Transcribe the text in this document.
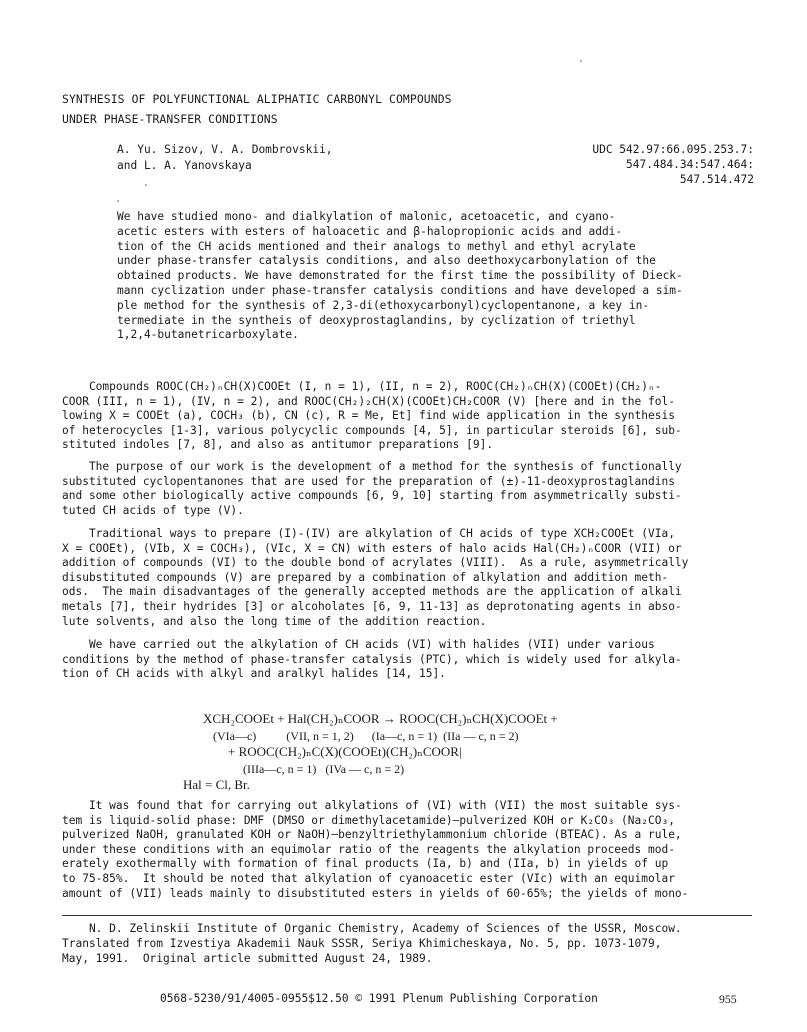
SYNTHESIS OF POLYFUNCTIONAL ALIPHATIC CARBONYL COMPOUNDS
UNDER PHASE-TRANSFER CONDITIONS
A. Yu. Sizov, V. A. Dombrovskii,
and L. A. Yanovskaya
UDC 542.97:66.095.253.7:
547.484.34:547.464:
547.514.472
We have studied mono- and dialkylation of malonic, acetoacetic, and cyano-
acetic esters with esters of haloacetic and β-halopropionic acids and addi-
tion of the CH acids mentioned and their analogs to methyl and ethyl acrylate
under phase-transfer catalysis conditions, and also deethoxycarbonylation of the
obtained products. We have demonstrated for the first time the possibility of Dieck-
mann cyclization under phase-transfer catalysis conditions and have developed a sim-
ple method for the synthesis of 2,3-di(ethoxycarbonyl)cyclopentanone, a key in-
termediate in the syntheis of deoxyprostaglandins, by cyclization of triethyl
1,2,4-butanetricarboxylate.
Compounds ROOC(CH₂)ₙCH(X)COOEt (I, n = 1), (II, n = 2), ROOC(CH₂)ₙCH(X)(COOEt)(CH₂)ₙ-
COOR (III, n = 1), (IV, n = 2), and ROOC(CH₂)₂CH(X)(COOEt)CH₂COOR (V) [here and in the fol-
lowing X = COOEt (a), COCH₃ (b), CN (c), R = Me, Et] find wide application in the synthesis
of heterocycles [1-3], various polycyclic compounds [4, 5], in particular steroids [6], sub-
stituted indoles [7, 8], and also as antitumor preparations [9].
The purpose of our work is the development of a method for the synthesis of functionally
substituted cyclopentanones that are used for the preparation of (±)-11-deoxyprostaglandins
and some other biologically active compounds [6, 9, 10] starting from asymmetrically substi-
tuted CH acids of type (V).
Traditional ways to prepare (I)-(IV) are alkylation of CH acids of type XCH₂COOEt (VIa,
X = COOEt), (VIb, X = COCH₃), (VIc, X = CN) with esters of halo acids Hal(CH₂)ₙCOOR (VII) or
addition of compounds (VI) to the double bond of acrylates (VIII).  As a rule, asymmetrically
disubstituted compounds (V) are prepared by a combination of alkylation and addition meth-
ods.  The main disadvantages of the generally accepted methods are the application of alkali
metals [7], their hydrides [3] or alcoholates [6, 9, 11-13] as deprotonating agents in abso-
lute solvents, and also the long time of the addition reaction.
We have carried out the alkylation of CH acids (VI) with halides (VII) under various
conditions by the method of phase-transfer catalysis (PTC), which is widely used for alkyla-
tion of CH acids with alkyl and aralkyl halides [14, 15].
XCH₂COOEt + Hal(CH₂)ₙCOOR → ROOC(CH₂)ₙCH(X)COOEt +
(VIa—c)          (VII, n = 1, 2)      (Ia—c, n = 1)  (IIa — c, n = 2)
+ ROOC(CH₂)ₙC(X)(COOEt)(CH₂)ₙCOOR|
(IIIa—c, n = 1)   (IVa — c, n = 2)
Hal = Cl, Br.
It was found that for carrying out alkylations of (VI) with (VII) the most suitable sys-
tem is liquid-solid phase: DMF (DMSO or dimethylacetamide)—pulverized KOH or K₂CO₃ (Na₂CO₃,
pulverized NaOH, granulated KOH or NaOH)—benzyltriethylammonium chloride (BTEAC). As a rule,
under these conditions with an equimolar ratio of the reagents the alkylation proceeds mod-
erately exothermally with formation of final products (Ia, b) and (IIa, b) in yields of up
to 75-85%.  It should be noted that alkylation of cyanoacetic ester (VIc) with an equimolar
amount of (VII) leads mainly to disubstituted esters in yields of 60-65%; the yields of mono-
N. D. Zelinskii Institute of Organic Chemistry, Academy of Sciences of the USSR, Moscow.
Translated from Izvestiya Akademii Nauk SSSR, Seriya Khimicheskaya, No. 5, pp. 1073-1079,
May, 1991.  Original article submitted August 24, 1989.
0568-5230/91/4005-0955$12.50 © 1991 Plenum Publishing Corporation	955
